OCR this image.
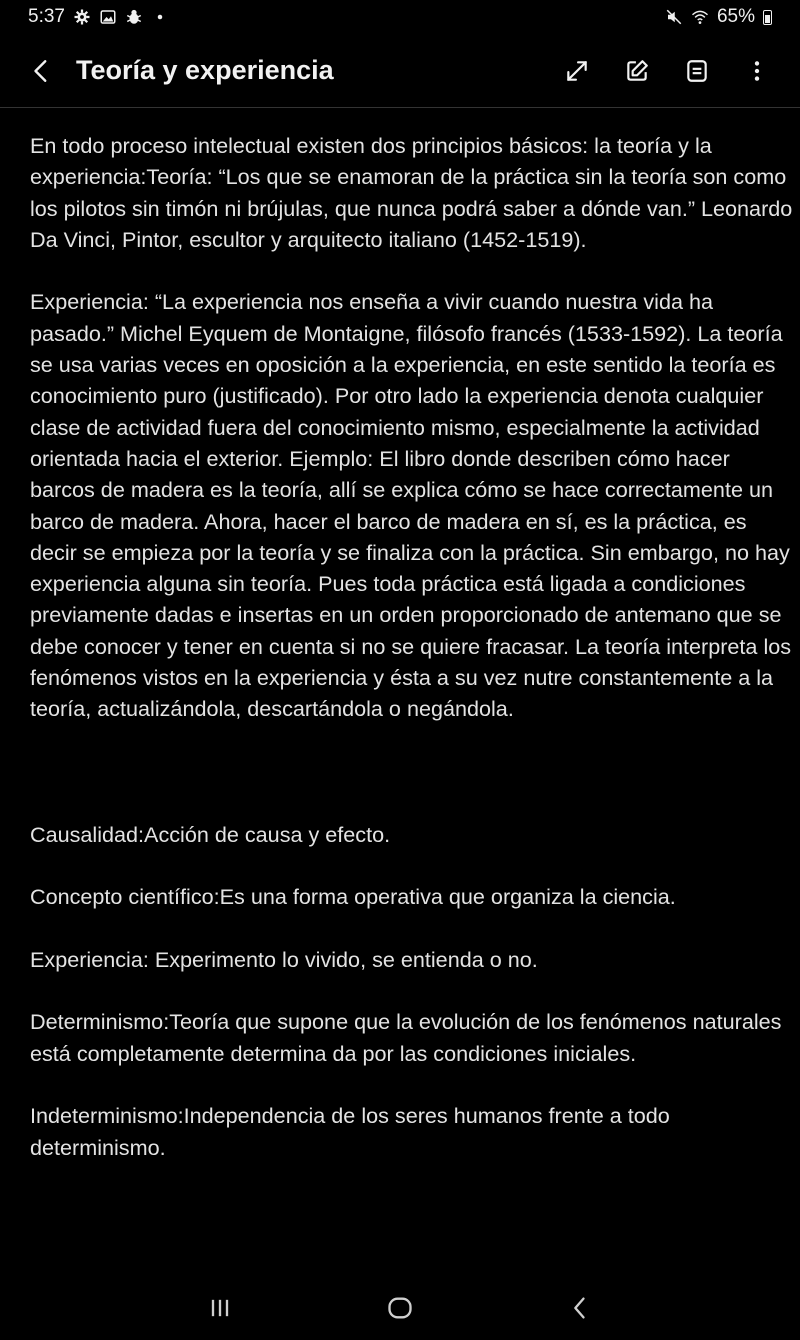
5:37	65%
Teoría y experiencia

En todo proceso intelectual existen dos principios básicos: la teoría y la experiencia:Teoría: “Los que se enamoran de la práctica sin la teoría son como los pilotos sin timón ni brújulas, que nunca podrá saber a dónde van.” Leonardo Da Vinci, Pintor, escultor y arquitecto italiano (1452-1519).

Experiencia: “La experiencia nos enseña a vivir cuando nuestra vida ha pasado.” Michel Eyquem de Montaigne, filósofo francés (1533-1592). La teoría se usa varias veces en oposición a la experiencia, en este sentido la teoría es conocimiento puro (justificado). Por otro lado la experiencia denota cualquier clase de actividad fuera del conocimiento mismo, especialmente la actividad orientada hacia el exterior. Ejemplo: El libro donde describen cómo hacer barcos de madera es la teoría, allí se explica cómo se hace correctamente un barco de madera. Ahora, hacer el barco de madera en sí, es la práctica, es decir se empieza por la teoría y se finaliza con la práctica. Sin embargo, no hay experiencia alguna sin teoría. Pues toda práctica está ligada a condiciones previamente dadas e insertas en un orden proporcionado de antemano que se debe conocer y tener en cuenta si no se quiere fracasar. La teoría interpreta los fenómenos vistos en la experiencia y ésta a su vez nutre constantemente a la teoría, actualizándola, descartándola o negándola.

Causalidad:Acción de causa y efecto.

Concepto científico:Es una forma operativa que organiza la ciencia.

Experiencia: Experimento lo vivido, se entienda o no.

Determinismo:Teoría que supone que la evolución de los fenómenos naturales está completamente determina da por las condiciones iniciales.

Indeterminismo:Independencia de los seres humanos frente a todo determinismo.
